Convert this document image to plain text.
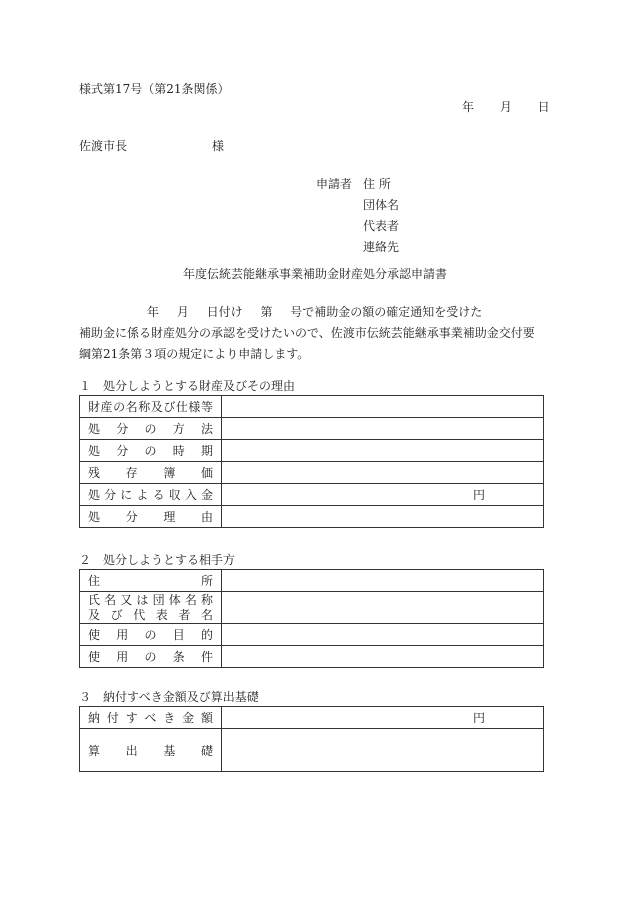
様式第17号（第21条関係）
年 月 日
佐渡市長	様
申請者 住 所
団体名
代表者
連絡先
年度伝統芸能継承事業補助金財産処分承認申請書
年 月 日付け 第 号で補助金の額の確定通知を受けた
補助金に係る財産処分の承認を受けたいので、佐渡市伝統芸能継承事業補助金交付要
綱第21条第３項の規定により申請します。
１　処分しようとする財産及びその理由
財産の名称及び仕様等	
処分の方法	
処分の時期	
残存簿価	
処分による収入金	円
処分理由	
２　処分しようとする相手方
住所	

氏名又は団体名称
及び代表者名	

使用の目的	
使用の条件	
３　納付すべき金額及び算出基礎
納付すべき金額	円
算出基礎	
